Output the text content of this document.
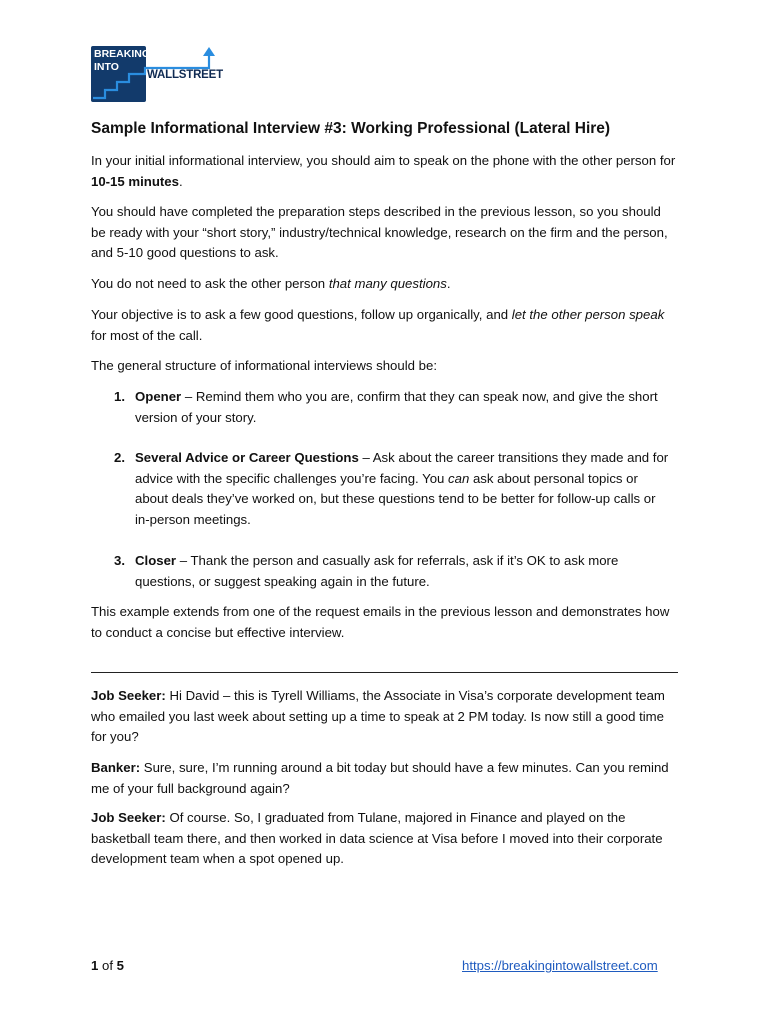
BREAKING
INTO
WALLSTREET
Sample Informational Interview #3: Working Professional (Lateral Hire)

In your initial informational interview, you should aim to speak on the phone with the other person for 10-15 minutes.

You should have completed the preparation steps described in the previous lesson, so you should be ready with your “short story,” industry/technical knowledge, research on the firm and the person, and 5-10 good questions to ask.

You do not need to ask the other person that many questions.

Your objective is to ask a few good questions, follow up organically, and let the other person speak for most of the call.

The general structure of informational interviews should be:

1. Opener – Remind them who you are, confirm that they can speak now, and give the short version of your story.

2. Several Advice or Career Questions – Ask about the career transitions they made and for advice with the specific challenges you’re facing. You can ask about personal topics or about deals they’ve worked on, but these questions tend to be better for follow-up calls or in-person meetings.

3. Closer – Thank the person and casually ask for referrals, ask if it’s OK to ask more questions, or suggest speaking again in the future.

This example extends from one of the request emails in the previous lesson and demonstrates how to conduct a concise but effective interview.

Job Seeker: Hi David – this is Tyrell Williams, the Associate in Visa’s corporate development team who emailed you last week about setting up a time to speak at 2 PM today. Is now still a good time for you?

Banker: Sure, sure, I’m running around a bit today but should have a few minutes. Can you remind me of your full background again?

Job Seeker: Of course. So, I graduated from Tulane, majored in Finance and played on the basketball team there, and then worked in data science at Visa before I moved into their corporate development team when a spot opened up.

1 of 5	https://breakingintowallstreet.com
